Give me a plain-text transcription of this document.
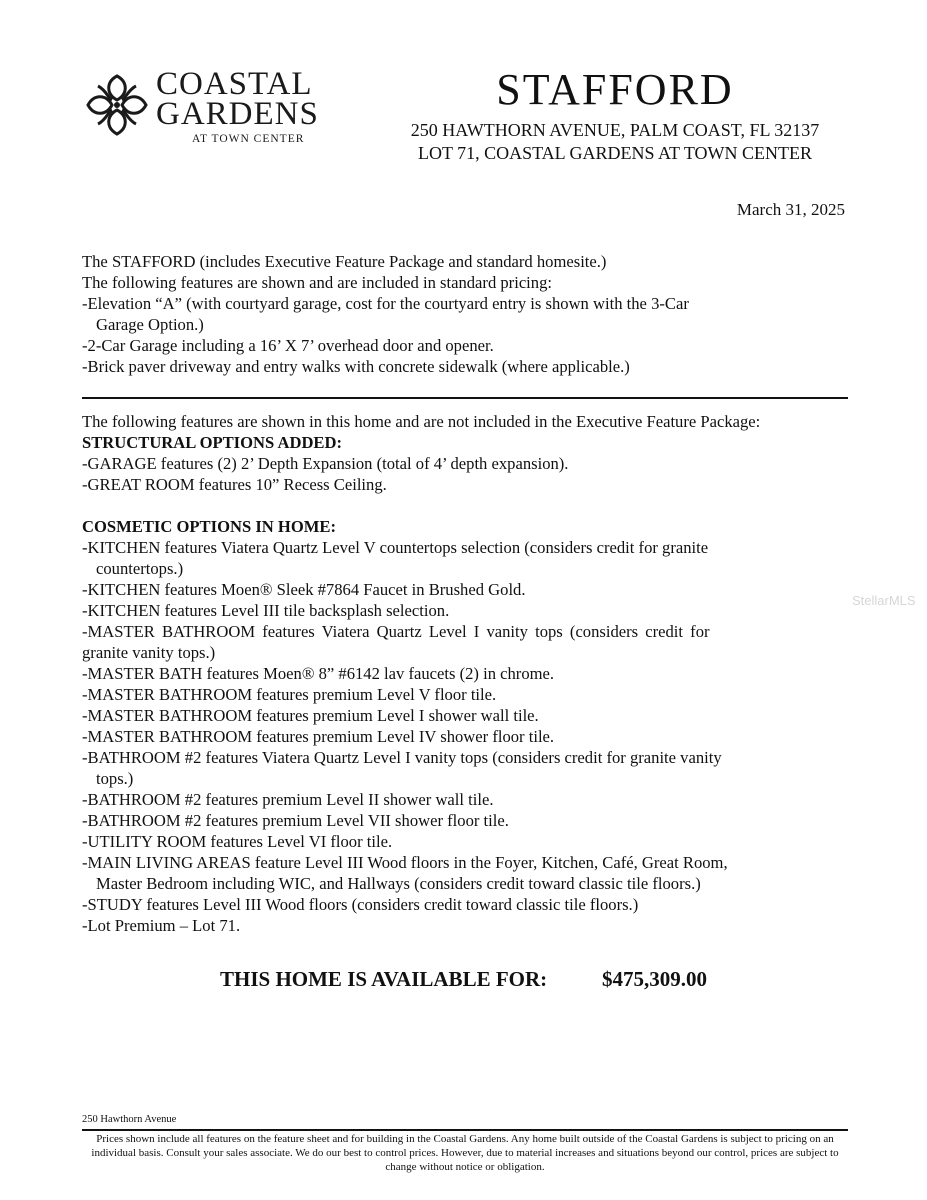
COASTAL
GARDENS
AT TOWN CENTER
STAFFORD
250 HAWTHORN AVENUE, PALM COAST, FL 32137
LOT 71, COASTAL GARDENS AT TOWN CENTER
March 31, 2025

The STAFFORD (includes Executive Feature Package and standard homesite.)

The following features are shown and are included in standard pricing:

-Elevation “A” (with courtyard garage, cost for the courtyard entry is shown with the 3-Car

Garage Option.)

-2-Car Garage including a 16’ X 7’ overhead door and opener.

-Brick paver driveway and entry walks with concrete sidewalk (where applicable.)

The following features are shown in this home and are not included in the Executive Feature Package:

STRUCTURAL OPTIONS ADDED:

-GARAGE features (2) 2’ Depth Expansion (total of 4’ depth expansion).

-GREAT ROOM features 10” Recess Ceiling.

COSMETIC OPTIONS IN HOME:

-KITCHEN features Viatera Quartz Level V countertops selection (considers credit for granite

countertops.)

-KITCHEN features Moen® Sleek #7864 Faucet in Brushed Gold.

-KITCHEN features Level III tile backsplash selection.

-MASTER BATHROOM features Viatera Quartz Level I vanity tops (considers credit for

granite vanity tops.)

-MASTER BATH features Moen® 8” #6142 lav faucets (2) in chrome.

-MASTER BATHROOM features premium Level V floor tile.

-MASTER BATHROOM features premium Level I shower wall tile.

-MASTER BATHROOM features premium Level IV shower floor tile.

-BATHROOM #2 features Viatera Quartz Level I vanity tops (considers credit for granite vanity

tops.)

-BATHROOM #2 features premium Level II shower wall tile.

-BATHROOM #2 features premium Level VII shower floor tile.

-UTILITY ROOM features Level VI floor tile.

-MAIN LIVING AREAS feature Level III Wood floors in the Foyer, Kitchen, Café, Great Room,

Master Bedroom including WIC, and Hallways (considers credit toward classic tile floors.)

-STUDY features Level III Wood floors (considers credit toward classic tile floors.)

-Lot Premium – Lot 71.

THIS HOME IS AVAILABLE FOR:	$475,309.00
250 Hawthorn Avenue
Prices shown include all features on the feature sheet and for building in the Coastal Gardens. Any home built outside of the Coastal Gardens is subject to pricing on an individual basis. Consult your sales associate. We do our best to control prices. However, due to material increases and situations beyond our control, prices are subject to change without notice or obligation.
StellarMLS
